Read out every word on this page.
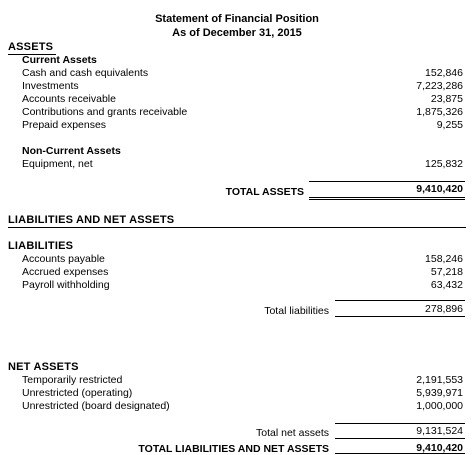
Statement of Financial Position
As of December 31, 2015
ASSETS
Current Assets
Cash and cash equivalents	152,846
Investments	7,223,286
Accounts receivable	23,875
Contributions and grants receivable	1,875,326
Prepaid expenses	9,255
Non-Current Assets
Equipment, net	125,832
TOTAL ASSETS	9,410,420
LIABILITIES AND NET ASSETS
LIABILITIES
Accounts payable	158,246
Accrued expenses	57,218
Payroll withholding	63,432
Total liabilities	278,896
NET ASSETS
Temporarily restricted	2,191,553
Unrestricted (operating)	5,939,971
Unrestricted (board designated)	1,000,000
Total net assets	9,131,524
TOTAL LIABILITIES AND NET ASSETS	9,410,420
